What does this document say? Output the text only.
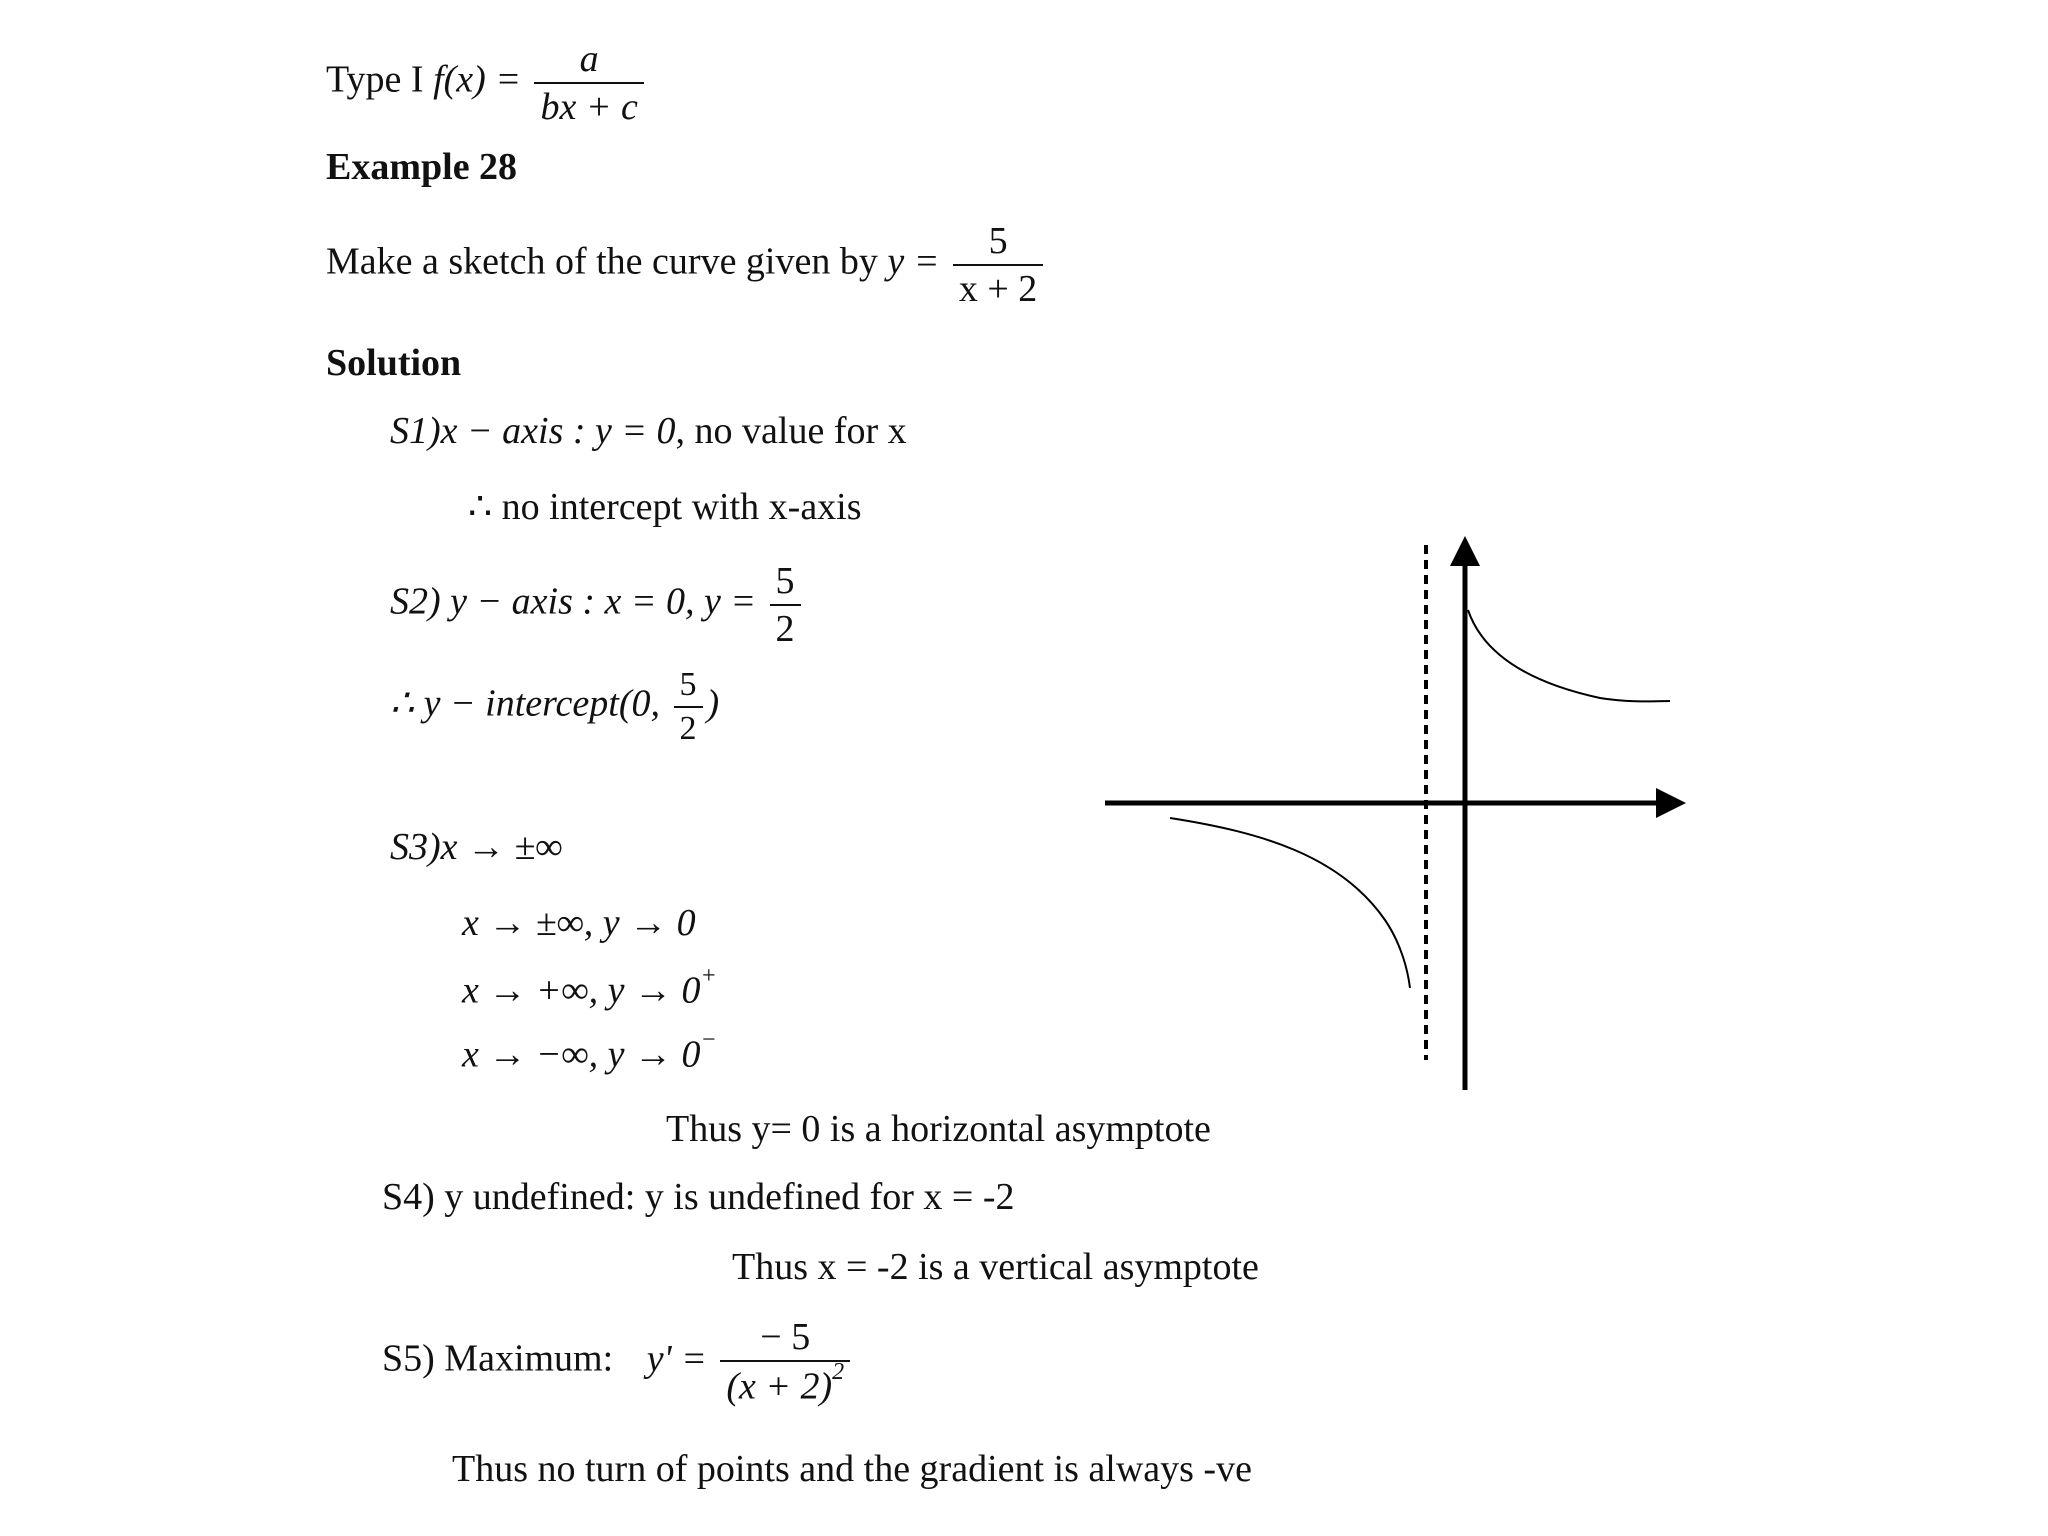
Type I $f(x) = \frac{a}{bx + c}$
Example 28
Make a sketch of the curve given by $y = \frac{5}{x + 2}$
Solution
S1)x − axis : y = 0, no value for x
∴ no intercept with x-axis
S2) y − axis : x = 0, $y = \frac{5}{2}$
∴ y − intercept(0, $\frac{5}{2}$ )
S3)x → ±∞
x → ±∞, y → 0
x → +∞, y → 0+
x → −∞, y → 0−
Thus y= 0 is a horizontal asymptote
S4) y undefined: y is undefined for x = -2
Thus x = -2 is a vertical asymptote
S5) Maximum: $y' = \frac{- 5}{(x + 2)^2}$
Thus no turn of points and the gradient is always -ve
